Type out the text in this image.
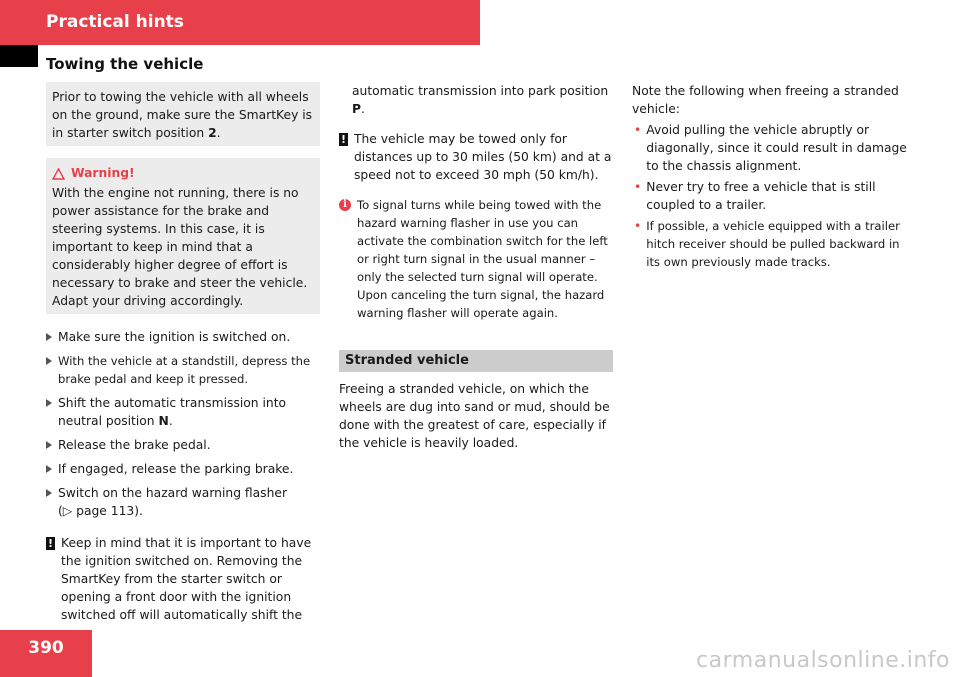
Practical hints
Towing the vehicle

Prior to towing the vehicle with all wheels on the ground, make sure the SmartKey is in starter switch position 2.

Warning!

With the engine not running, there is no power assistance for the brake and steering systems. In this case, it is important to keep in mind that a considerably higher degree of effort is necessary to brake and steer the vehicle. Adapt your driving accordingly.

Make sure the ignition is switched on.
With the vehicle at a standstill, depress the brake pedal and keep it pressed.
Shift the automatic transmission into neutral position N.
Release the brake pedal.
If engaged, release the parking brake.
Switch on the hazard warning flasher
(▷ page 113).
! Keep in mind that it is important to have the ignition switched on. Removing the SmartKey from the starter switch or opening a front door with the ignition switched off will automatically shift the

automatic transmission into park position P.

! The vehicle may be towed only for distances up to 30 miles (50 km) and at a speed not to exceed 30 mph (50 km/h).
i To signal turns while being towed with the hazard warning flasher in use you can activate the combination switch for the left or right turn signal in the usual manner – only the selected turn signal will operate. Upon canceling the turn signal, the hazard warning flasher will operate again.
Stranded vehicle

Freeing a stranded vehicle, on which the wheels are dug into sand or mud, should be done with the greatest of care, especially if the vehicle is heavily loaded.

Note the following when freeing a stranded vehicle:

• Avoid pulling the vehicle abruptly or diagonally, since it could result in damage to the chassis alignment.
• Never try to free a vehicle that is still coupled to a trailer.
• If possible, a vehicle equipped with a trailer hitch receiver should be pulled backward in its own previously made tracks.
390	carmanualsonline.info
